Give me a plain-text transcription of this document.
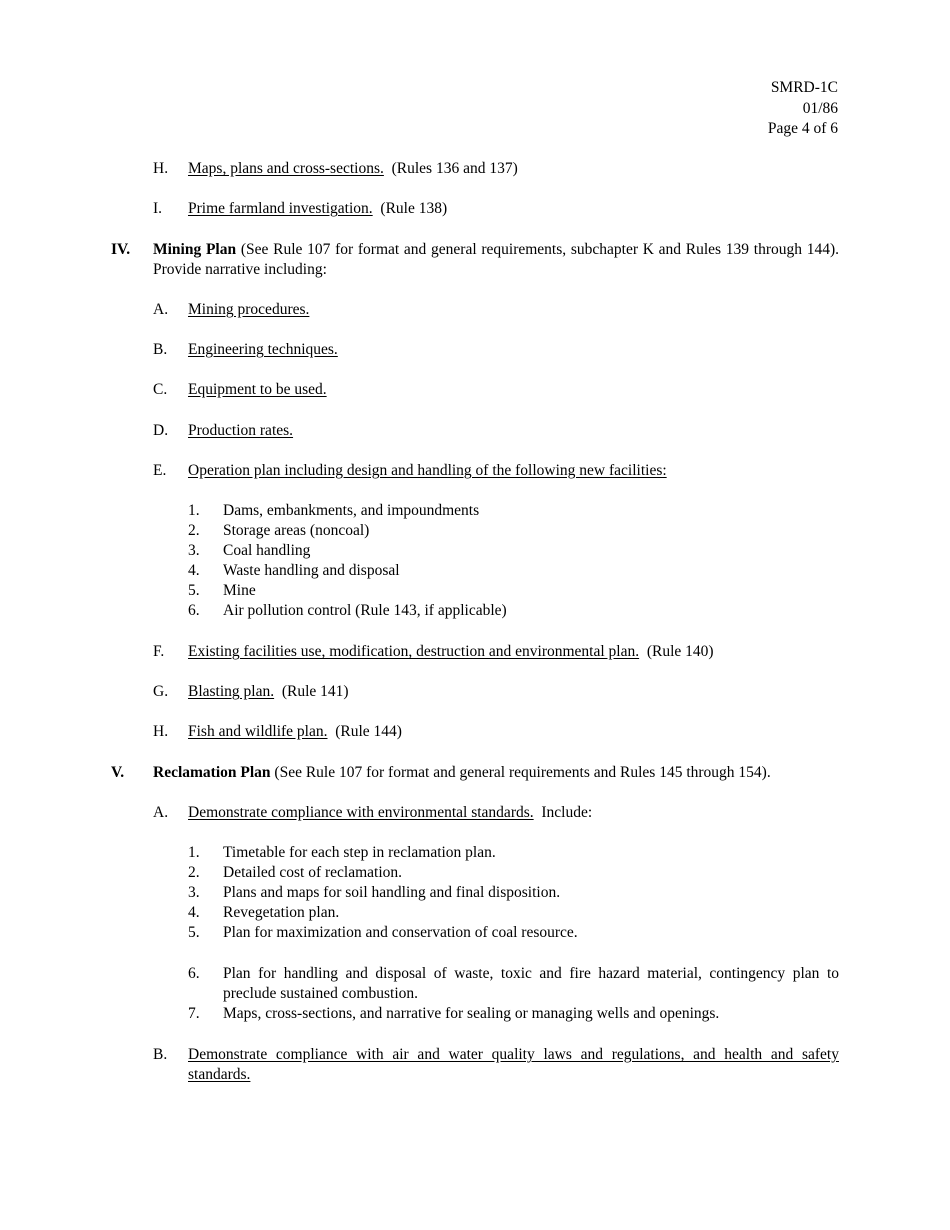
SMRD-1C
01/86
Page 4 of 6
H. Maps, plans and cross-sections. (Rules 136 and 137)
I. Prime farmland investigation. (Rule 138)
IV. Mining Plan (See Rule 107 for format and general requirements, subchapter K and Rules 139 through 144). Provide narrative including:
A. Mining procedures.
B. Engineering techniques.
C. Equipment to be used.
D. Production rates.
E. Operation plan including design and handling of the following new facilities:
1. Dams, embankments, and impoundments
2. Storage areas (noncoal)
3. Coal handling
4. Waste handling and disposal
5. Mine
6. Air pollution control (Rule 143, if applicable)
F. Existing facilities use, modification, destruction and environmental plan. (Rule 140)
G. Blasting plan. (Rule 141)
H. Fish and wildlife plan. (Rule 144)
V. Reclamation Plan (See Rule 107 for format and general requirements and Rules 145 through 154).
A. Demonstrate compliance with environmental standards. Include:
1. Timetable for each step in reclamation plan.
2. Detailed cost of reclamation.
3. Plans and maps for soil handling and final disposition.
4. Revegetation plan.
5. Plan for maximization and conservation of coal resource.
6. Plan for handling and disposal of waste, toxic and fire hazard material, contingency plan to preclude sustained combustion.
7. Maps, cross-sections, and narrative for sealing or managing wells and openings.
B. Demonstrate compliance with air and water quality laws and regulations, and health and safety standards.
